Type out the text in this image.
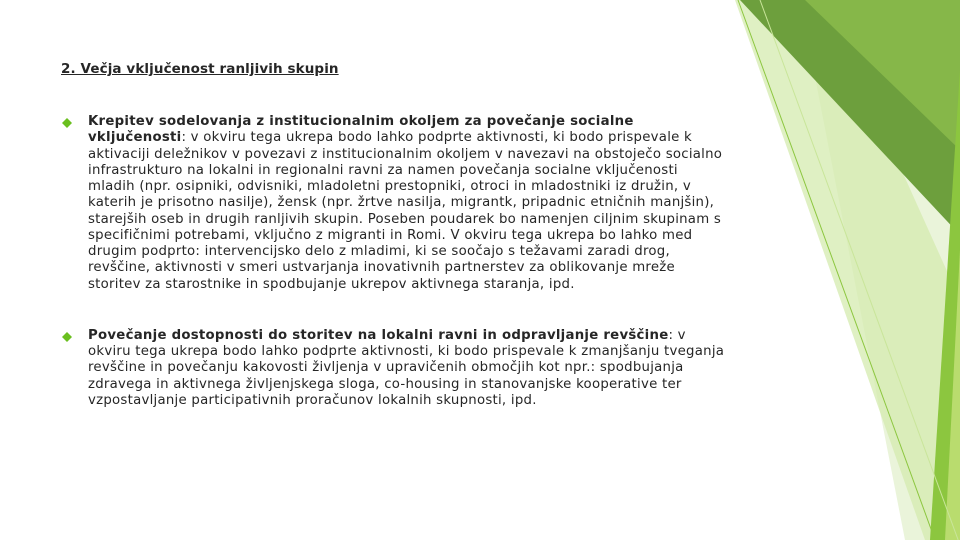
2. Večja vključenost ranljivih skupin
Krepitev sodelovanja z institucionalnim okoljem za povečanje socialne vključenosti: v okviru tega ukrepa bodo lahko podprte aktivnosti, ki bodo prispevale k aktivaciji deležnikov v povezavi z institucionalnim okoljem v navezavi na obstoječo socialno infrastrukturo na lokalni in regionalni ravni za namen povečanja socialne vključenosti mladih (npr. osipniki, odvisniki, mladoletni prestopniki, otroci in mladostniki iz družin, v katerih je prisotno nasilje), žensk (npr. žrtve nasilja, migrantk, pripadnic etničnih manjšin), starejših oseb in drugih ranljivih skupin. Poseben poudarek bo namenjen ciljnim skupinam s specifičnimi potrebami, vključno z migranti in Romi. V okviru tega ukrepa bo lahko med drugim podprto: intervencijsko delo z mladimi, ki se soočajo s težavami zaradi drog, revščine, aktivnosti v smeri ustvarjanja inovativnih partnerstev za oblikovanje mreže storitev za starostnike in spodbujanje ukrepov aktivnega staranja, ipd.
Povečanje dostopnosti do storitev na lokalni ravni in odpravljanje revščine: v okviru tega ukrepa bodo lahko podprte aktivnosti, ki bodo prispevale k zmanjšanju tveganja revščine in povečanju kakovosti življenja v upravičenih območjih kot npr.: spodbujanja zdravega in aktivnega življenjskega sloga, co-housing in stanovanjske kooperative ter vzpostavljanje participativnih proračunov lokalnih skupnosti, ipd.
